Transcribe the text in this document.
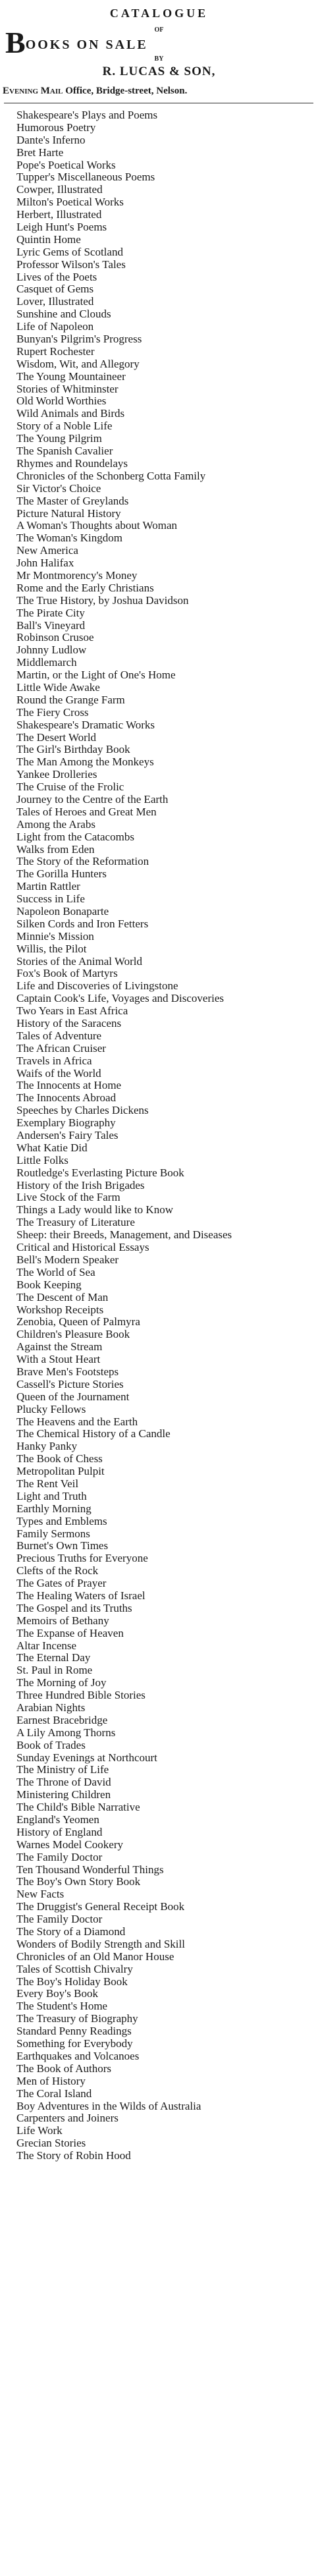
CATALOGUE
OF
BOOKS ON SALE
BY
R. LUCAS & SON,
Evening Mail Office, Bridge-street, Nelson.
Shakespeare's Plays and Poems
Humorous Poetry
Dante's Inferno
Bret Harte
Pope's Poetical Works
Tupper's Miscellaneous Poems
Cowper, Illustrated
Milton's Poetical Works
Herbert, Illustrated
Leigh Hunt's Poems
Quintin Home
Lyric Gems of Scotland
Professor Wilson's Tales
Lives of the Poets
Casquet of Gems
Lover, Illustrated
Sunshine and Clouds
Life of Napoleon
Bunyan's Pilgrim's Progress
Rupert Rochester
Wisdom, Wit, and Allegory
The Young Mountaineer
Stories of Whitminster
Old World Worthies
Wild Animals and Birds
Story of a Noble Life
The Young Pilgrim
The Spanish Cavalier
Rhymes and Roundelays
Chronicles of the Schonberg Cotta Family
Sir Victor's Choice
The Master of Greylands
Picture Natural History
A Woman's Thoughts about Woman
The Woman's Kingdom
New America
John Halifax
Mr Montmorency's Money
Rome and the Early Christians
The True History, by Joshua Davidson
The Pirate City
Ball's Vineyard
Robinson Crusoe
Johnny Ludlow
Middlemarch
Martin, or the Light of One's Home
Little Wide Awake
Round the Grange Farm
The Fiery Cross
Shakespeare's Dramatic Works
The Desert World
The Girl's Birthday Book
The Man Among the Monkeys
Yankee Drolleries
The Cruise of the Frolic
Journey to the Centre of the Earth
Tales of Heroes and Great Men
Among the Arabs
Light from the Catacombs
Walks from Eden
The Story of the Reformation
The Gorilla Hunters
Martin Rattler
Success in Life
Napoleon Bonaparte
Silken Cords and Iron Fetters
Minnie's Mission
Willis, the Pilot
Stories of the Animal World
Fox's Book of Martyrs
Life and Discoveries of Livingstone
Captain Cook's Life, Voyages and Discoveries
Two Years in East Africa
History of the Saracens
Tales of Adventure
The African Cruiser
Travels in Africa
Waifs of the World
The Innocents at Home
The Innocents Abroad
Speeches by Charles Dickens
Exemplary Biography
Andersen's Fairy Tales
What Katie Did
Little Folks
Routledge's Everlasting Picture Book
History of the Irish Brigades
Live Stock of the Farm
Things a Lady would like to Know
The Treasury of Literature
Sheep: their Breeds, Management, and Diseases
Critical and Historical Essays
Bell's Modern Speaker
The World of Sea
Book Keeping
The Descent of Man
Workshop Receipts
Zenobia, Queen of Palmyra
Children's Pleasure Book
Against the Stream
With a Stout Heart
Brave Men's Footsteps
Cassell's Picture Stories
Queen of the Journament
Plucky Fellows
The Heavens and the Earth
The Chemical History of a Candle
Hanky Panky
The Book of Chess
Metropolitan Pulpit
The Rent Veil
Light and Truth
Earthly Morning
Types and Emblems
Family Sermons
Burnet's Own Times
Precious Truths for Everyone
Clefts of the Rock
The Gates of Prayer
The Healing Waters of Israel
The Gospel and its Truths
Memoirs of Bethany
The Expanse of Heaven
Altar Incense
The Eternal Day
St. Paul in Rome
The Morning of Joy
Three Hundred Bible Stories
Arabian Nights
Earnest Bracebridge
A Lily Among Thorns
Book of Trades
Sunday Evenings at Northcourt
The Ministry of Life
The Throne of David
Ministering Children
The Child's Bible Narrative
England's Yeomen
History of England
Warnes Model Cookery
The Family Doctor
Ten Thousand Wonderful Things
The Boy's Own Story Book
New Facts
The Druggist's General Receipt Book
The Family Doctor
The Story of a Diamond
Wonders of Bodily Strength and Skill
Chronicles of an Old Manor House
Tales of Scottish Chivalry
The Boy's Holiday Book
Every Boy's Book
The Student's Home
The Treasury of Biography
Standard Penny Readings
Something for Everybody
Earthquakes and Volcanoes
The Book of Authors
Men of History
The Coral Island
Boy Adventures in the Wilds of Australia
Carpenters and Joiners
Life Work
Grecian Stories
The Story of Robin Hood
